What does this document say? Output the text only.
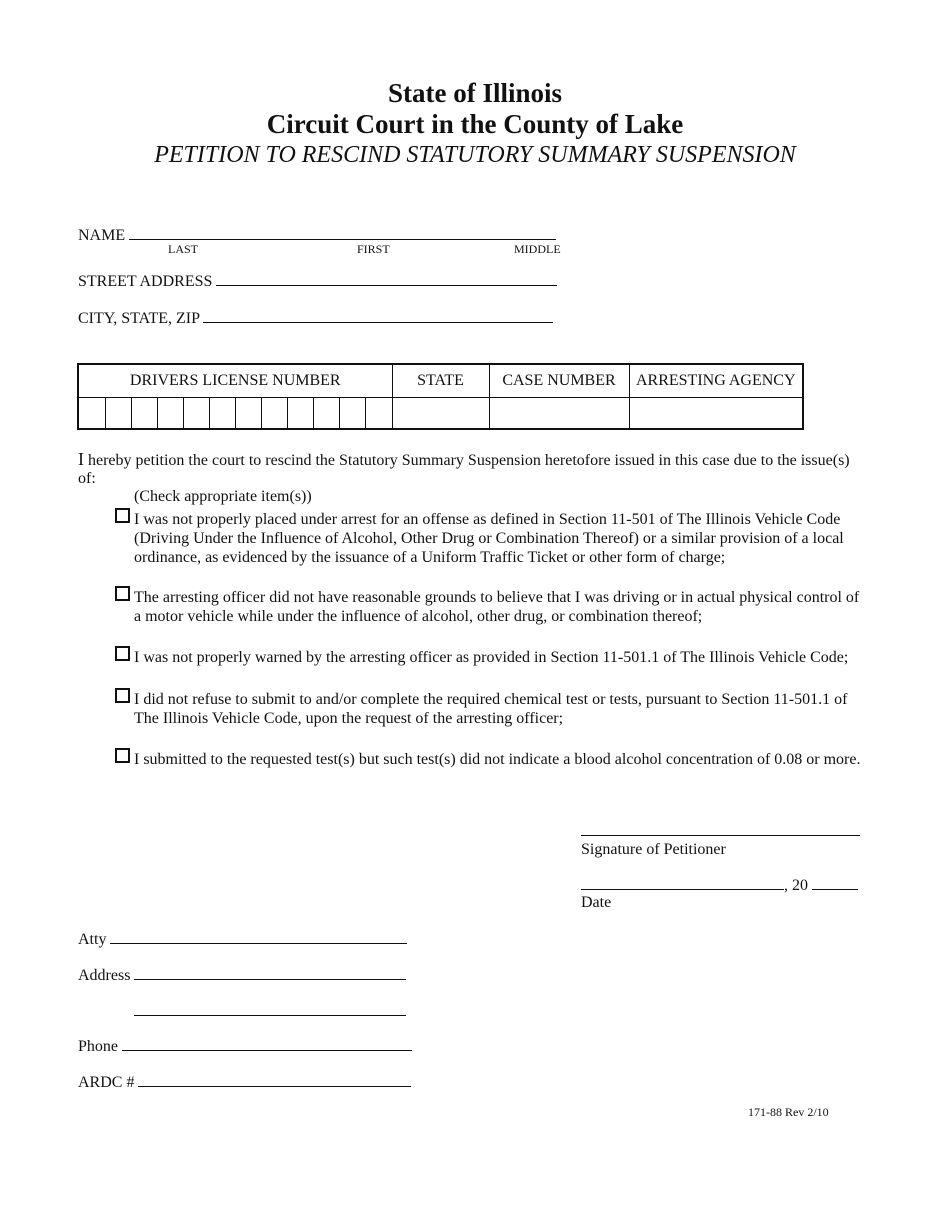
State of Illinois
Circuit Court in the County of Lake
PETITION TO RESCIND STATUTORY SUMMARY SUSPENSION
NAME
LAST	FIRST	MIDDLE
STREET ADDRESS
CITY, STATE, ZIP
DRIVERS LICENSE NUMBER												STATE	CASE NUMBER	ARRESTING AGENCY

I hereby petition the court to rescind the Statutory Summary Suspension heretofore issued in this case due to the issue(s) of:
(Check appropriate item(s))
I was not properly placed under arrest for an offense as defined in Section 11-501 of The Illinois Vehicle Code (Driving Under the Influence of Alcohol, Other Drug or Combination Thereof) or a similar provision of a local ordinance, as evidenced by the issuance of a Uniform Traffic Ticket or other form of charge;
The arresting officer did not have reasonable grounds to believe that I was driving or in actual physical control of a motor vehicle while under the influence of alcohol, other drug, or combination thereof;
I was not properly warned by the arresting officer as provided in Section 11-501.1 of The Illinois Vehicle Code;
I did not refuse to submit to and/or complete the required chemical test or tests, pursuant to Section 11-501.1 of The Illinois Vehicle Code, upon the request of the arresting officer;
I submitted to the requested test(s) but such test(s) did not indicate a blood alcohol concentration of 0.08 or more.
Signature of Petitioner
, 20
Date
Atty
Address
Phone
ARDC #
171-88 Rev 2/10
